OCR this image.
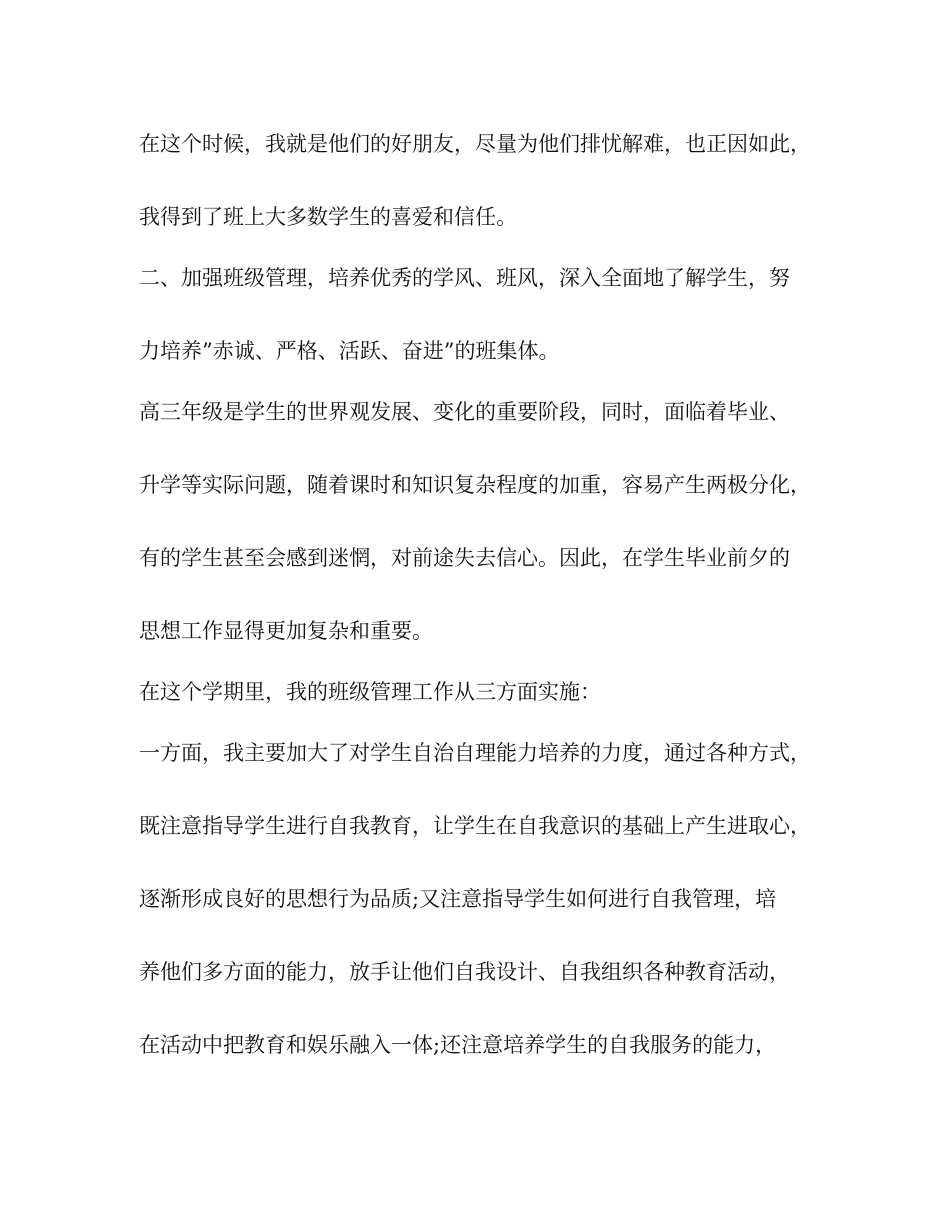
在这个时候，我就是他们的好朋友，尽量为他们排忧解难，也正因如此，
我得到了班上大多数学生的喜爱和信任。
二、加强班级管理，培养优秀的学风、班风，深入全面地了解学生，努
力培养”赤诚、严格、活跃、奋进”的班集体。
高三年级是学生的世界观发展、变化的重要阶段，同时，面临着毕业、
升学等实际问题，随着课时和知识复杂程度的加重，容易产生两极分化，
有的学生甚至会感到迷惘，对前途失去信心。因此，在学生毕业前夕的
思想工作显得更加复杂和重要。
在这个学期里，我的班级管理工作从三方面实施：
一方面，我主要加大了对学生自治自理能力培养的力度，通过各种方式，
既注意指导学生进行自我教育，让学生在自我意识的基础上产生进取心，
逐渐形成良好的思想行为品质;又注意指导学生如何进行自我管理，培
养他们多方面的能力，放手让他们自我设计、自我组织各种教育活动，
在活动中把教育和娱乐融入一体;还注意培养学生的自我服务的能力，
